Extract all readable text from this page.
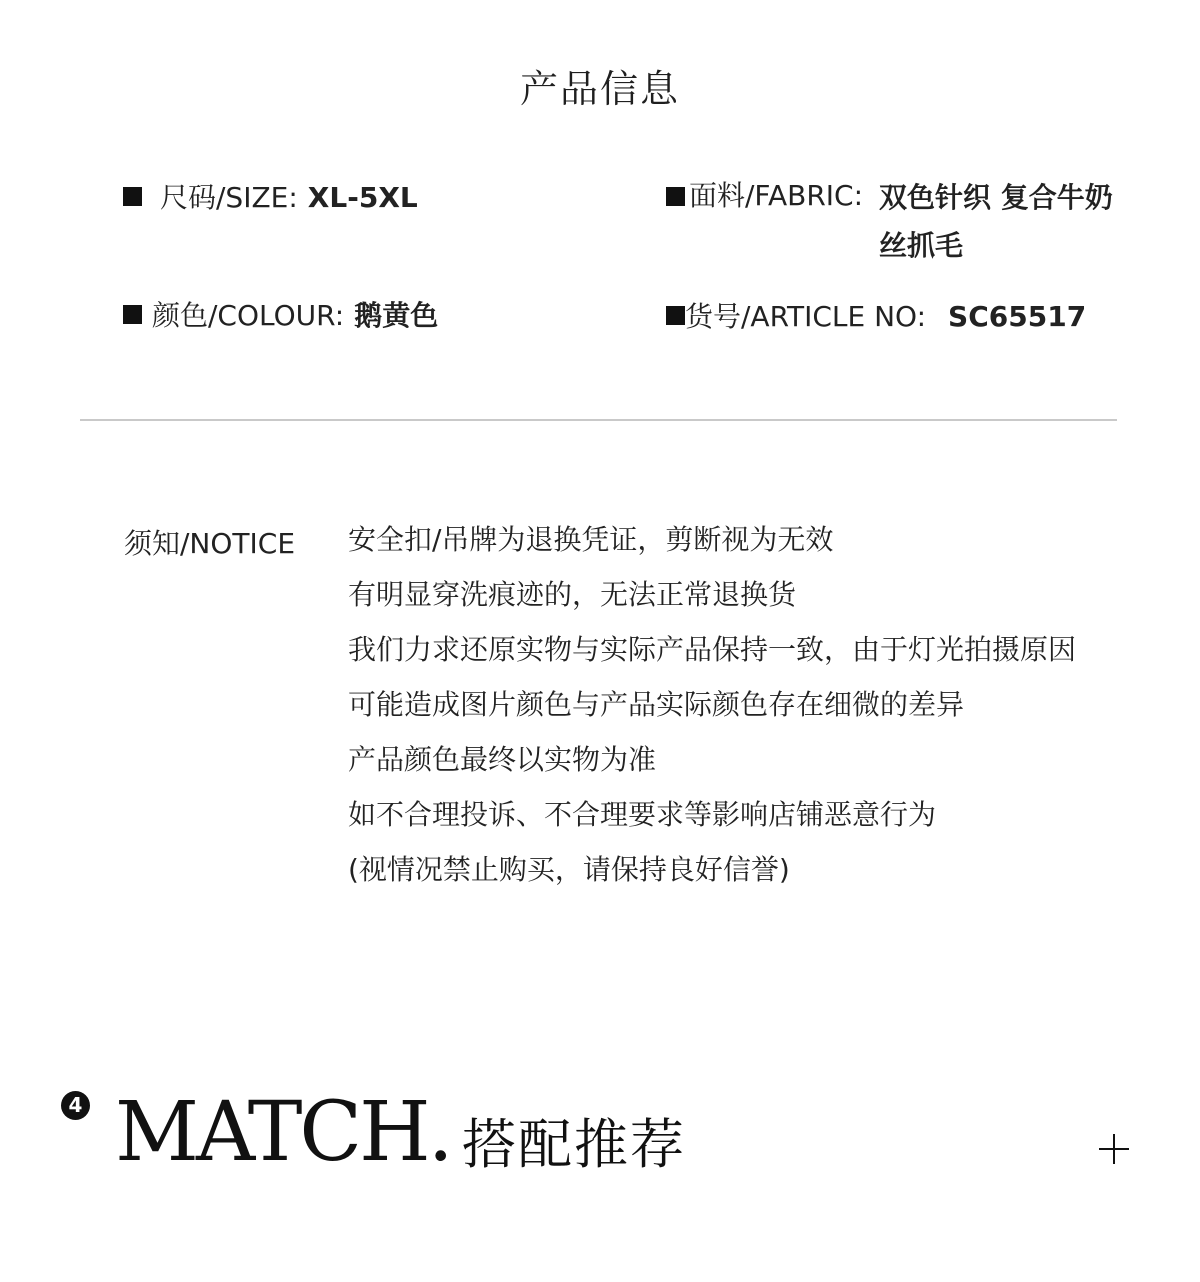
产品信息
尺码/SIZE: XL-5XL
颜色/COLOUR: 鹅黄色
面料/FABRIC: 双色针织 复合牛奶丝抓毛
货号/ARTICLE NO: SC65517
须知/NOTICE 安全扣/吊牌为退换凭证，剪断视为无效
有明显穿洗痕迹的，无法正常退换货
我们力求还原实物与实际产品保持一致，由于灯光拍摄原因
可能造成图片颜色与产品实际颜色存在细微的差异
产品颜色最终以实物为准
如不合理投诉、不合理要求等影响店铺恶意行为
(视情况禁止购买，请保持良好信誉)
4 MATCH. 搭配推荐
